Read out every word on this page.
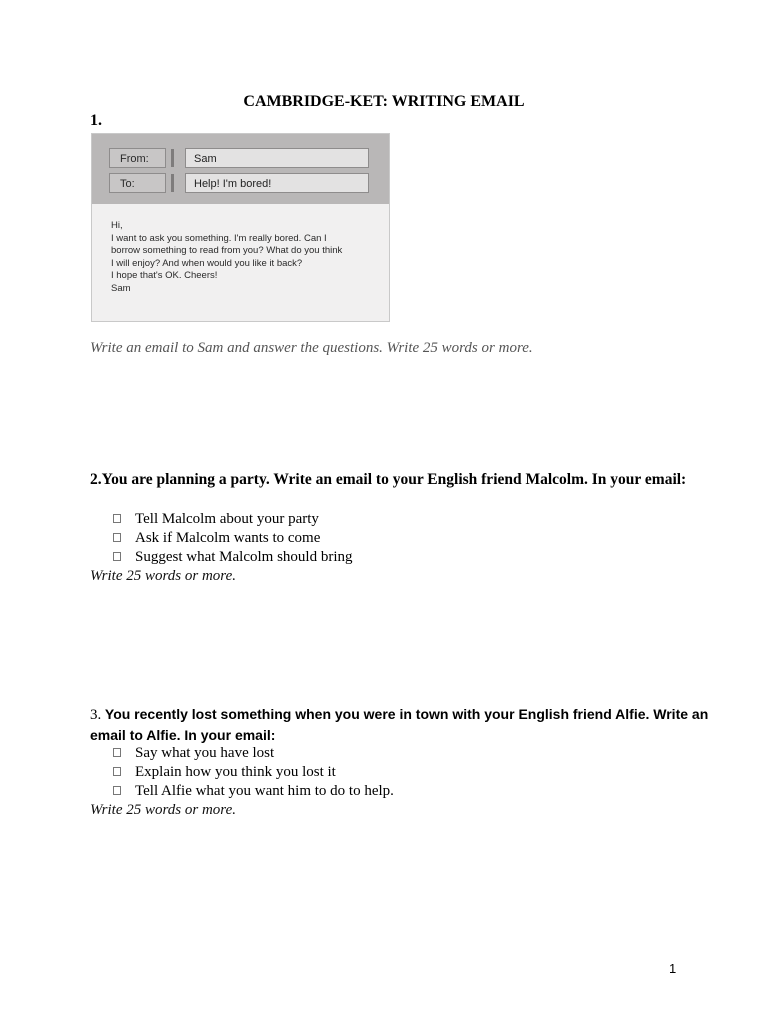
CAMBRIDGE-KET: WRITING EMAIL
1.
From:	Sam
To:	Help! I'm bored!
Hi,
I want to ask you something. I'm really bored. Can I
borrow something to read from you? What do you think
I will enjoy? And when would you like it back?
I hope that's OK. Cheers!
Sam
Write an email to Sam and answer the questions. Write 25 words or more.
2.You are planning a party. Write an email to your English friend Malcolm. In your email:
Tell Malcolm about your party
Ask if Malcolm wants to come
Suggest what Malcolm should bring
Write 25 words or more.
3. You recently lost something when you were in town with your English friend Alfie. Write an email to Alfie. In your email:
Say what you have lost
Explain how you think you lost it
Tell Alfie what you want him to do to help.
Write 25 words or more.
1
